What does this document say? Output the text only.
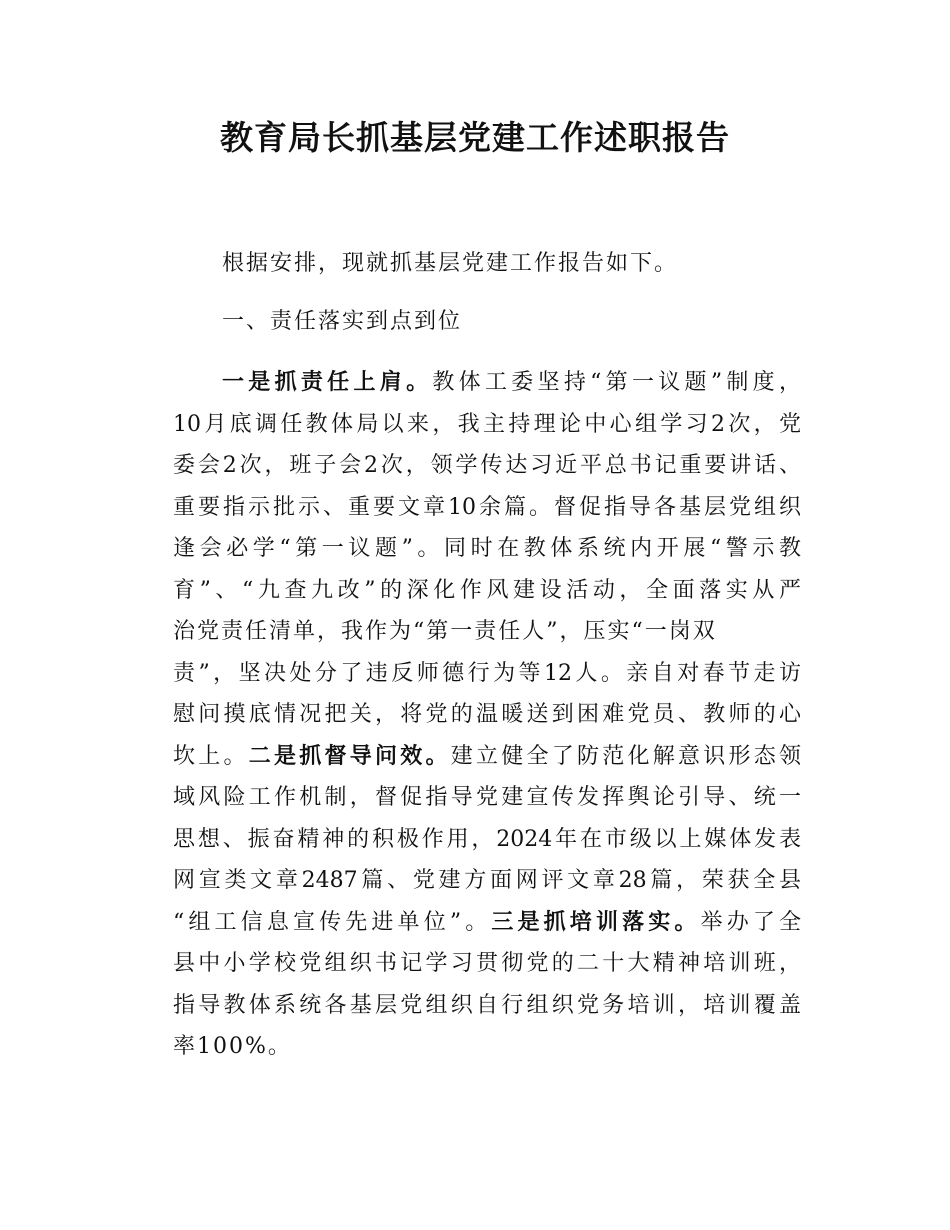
教育局长抓基层党建工作述职报告
根据安排，现就抓基层党建工作报告如下。
一、责任落实到点到位
一是抓责任上肩。教体工委坚持“第一议题”制度，
10月底调任教体局以来，我主持理论中心组学习2次，党
委会2次，班子会2次，领学传达习近平总书记重要讲话、
重要指示批示、重要文章10余篇。督促指导各基层党组织
逢会必学“第一议题”。同时在教体系统内开展“警示教
育”、“九查九改”的深化作风建设活动，全面落实从严
治党责任清单，我作为“第一责任人”，压实“一岗双
责”，坚决处分了违反师德行为等12人。亲自对春节走访
慰问摸底情况把关，将党的温暖送到困难党员、教师的心
坎上。二是抓督导问效。建立健全了防范化解意识形态领
域风险工作机制，督促指导党建宣传发挥舆论引导、统一
思想、振奋精神的积极作用，2024年在市级以上媒体发表
网宣类文章2487篇、党建方面网评文章28篇，荣获全县
“组工信息宣传先进单位”。三是抓培训落实。举办了全
县中小学校党组织书记学习贯彻党的二十大精神培训班，
指导教体系统各基层党组织自行组织党务培训，培训覆盖
率100%。
